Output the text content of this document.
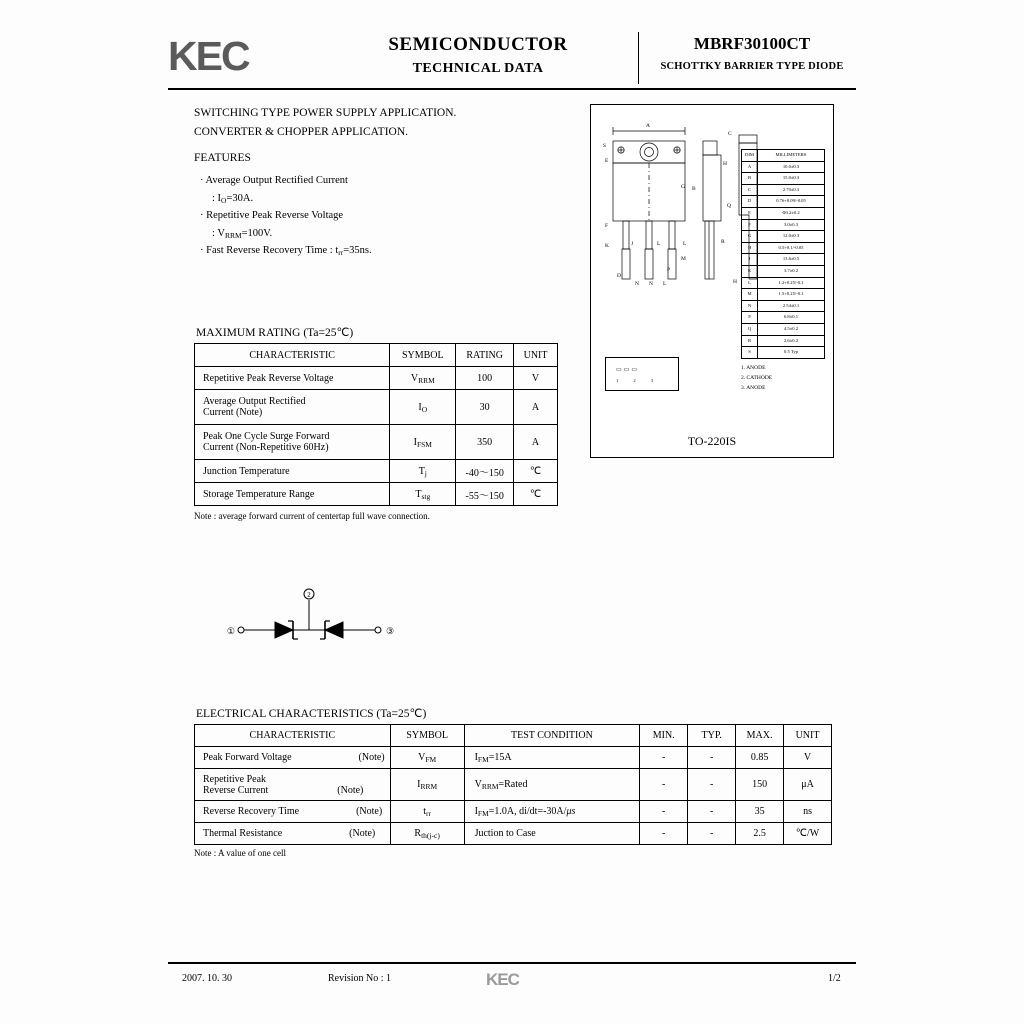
KEC	SEMICONDUCTOR
TECHNICAL DATA
MBRF30100CT
SCHOTTKY BARRIER TYPE DIODE
SWITCHING TYPE POWER SUPPLY APPLICATION.
CONVERTER & CHOPPER APPLICATION.
FEATURES
· Average Output Rectified Current
: $I_O=30A$.
· Repetitive Peak Reverse Voltage
: $V_{RRM}=100V$.
· Fast Reverse Recovery Time : $t_{rr}=35ns$.
MAXIMUM RATING (Ta=25℃)
CHARACTERISTIC	SYMBOL	RATING	UNIT
Repetitive Peak Reverse Voltage	$V_{RRM}$	100	V

Average Output Rectified
Current (Note)	$I_O$	30	A

Peak One Cycle Surge Forward
Current (Non-Repetitive 60Hz)	$I_{FSM}$	350	A
Junction Temperature	$T_j$	-40～150	℃
Storage Temperature Range	$T_{stg}$	-55～150	℃
Note : average forward current of centertap full wave connection.
A
B
C
D
N L
N
S
E
F
K	J	L	L
M
P
G
R
H
H
Q
DIM	MILLIMETERS
A	10.0±0.3
B	15.0±0.3
C	2.70±0.3
D	0.76+0.09/-0.05
E	Φ3.2±0.2
F	3.0±0.3
G	12.0±0.3
H	0.5+0.1/-0.05
J	13.6±0.5
K	3.7±0.2
L	1.2+0.25/-0.1
M	1.5+0.25/-0.1
N	2.54±0.1
P	6.8±0.1
Q	4.5±0.2
R	2.6±0.2
S	0.5 Typ
▭▭▭
1 2 3
1. ANODE
2. CATHODE
3. ANODE
TO-220IS
①
2
③
ELECTRICAL CHARACTERISTICS (Ta=25℃)
CHARACTERISTIC	SYMBOL	TEST CONDITION	MIN.	TYP.	MAX.	UNIT
Peak Forward Voltage (Note)	$V_{FM}$	$I_{FM}=15A$	-	-	0.85	V

Repetitive Peak
Reverse Current (Note)	$I_{RRM}$	$V_{RRM}=Rated$	-	-	150	μA
Reverse Recovery Time (Note)	$t_{rr}$	$I_{FM}=1.0A$, di/dt=-30A/μs	-	-	35	ns
Thermal Resistance (Note)	$R_{th(j-c)}$	Juction to Case	-	-	2.5	℃/W
Note : A value of one cell
2007. 10. 30	Revision No : 1	KEC	1/2
